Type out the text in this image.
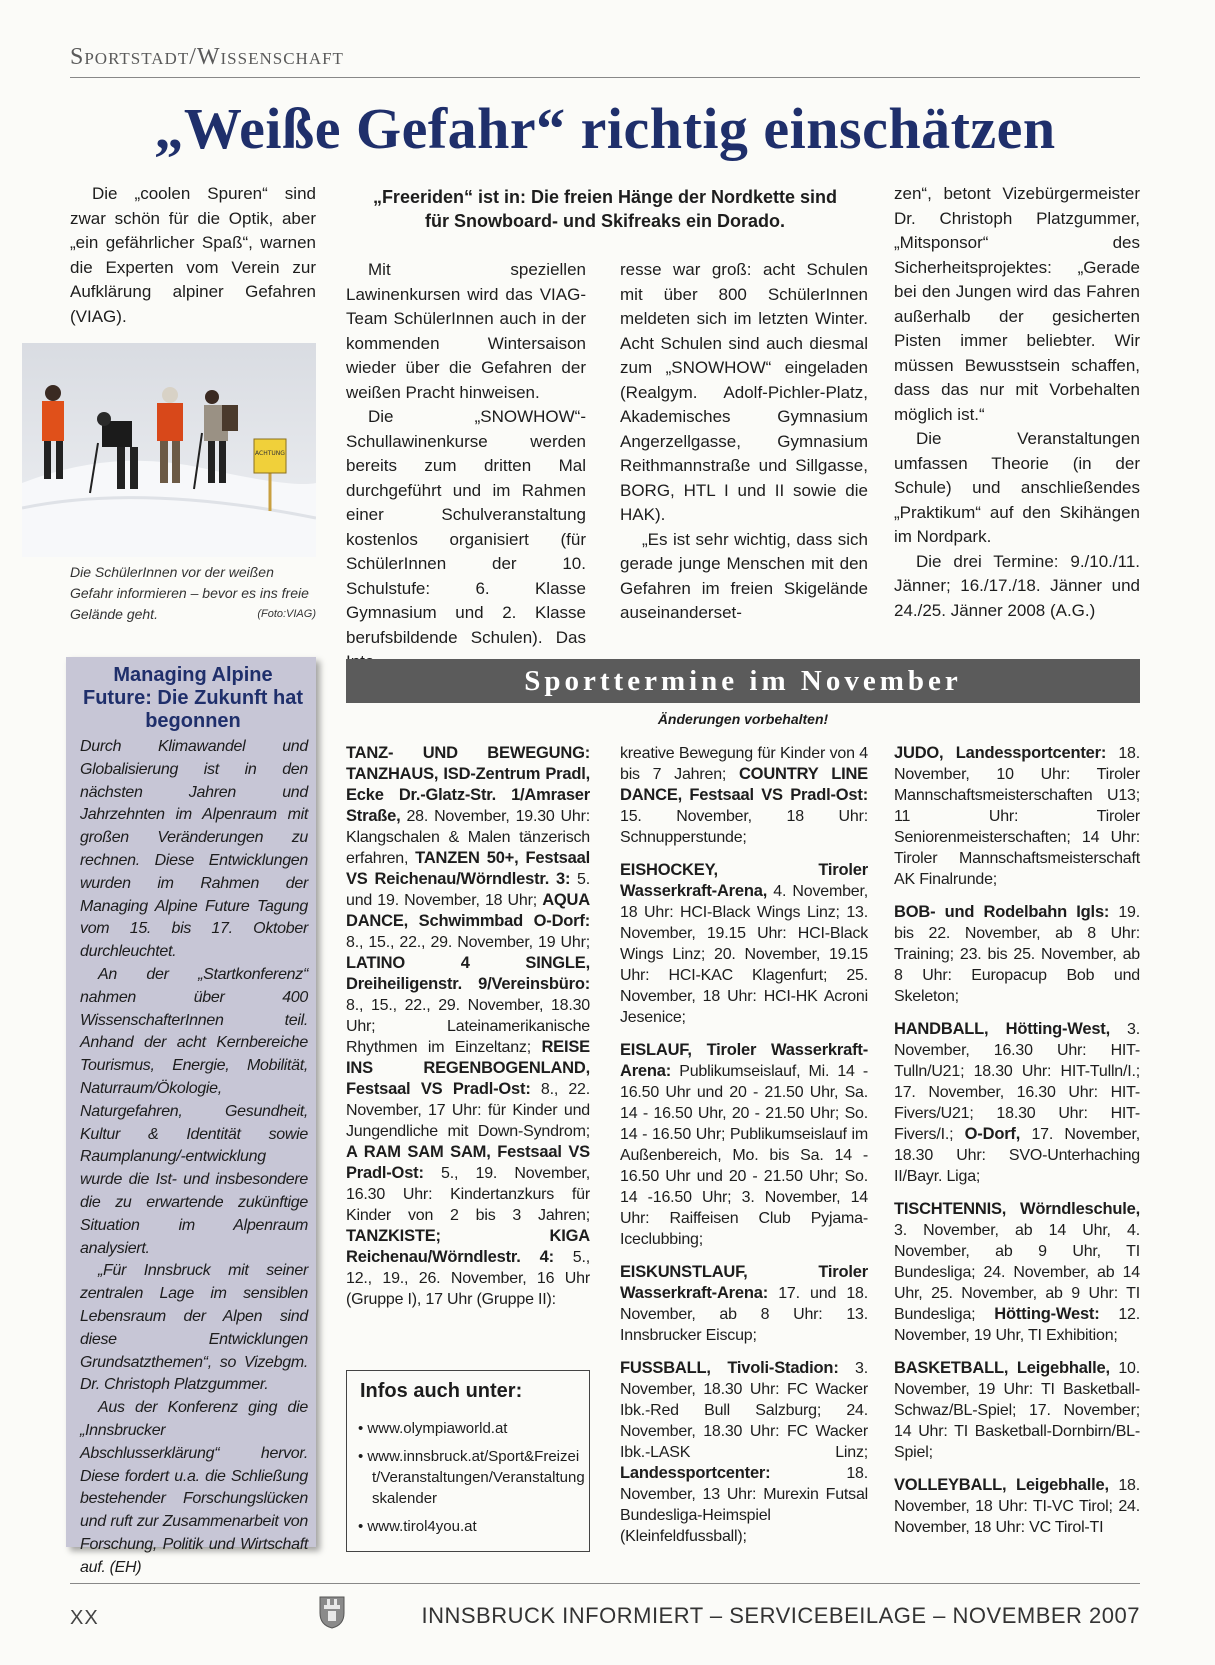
Sportstadt/Wissenschaft
„Weiße Gefahr“ richtig einschätzen

Die „coolen Spuren“ sind zwar schön für die Optik, aber „ein gefährlicher Spaß“, warnen die Experten vom Verein zur Aufklärung alpiner Gefahren (VIAG).

„Freeriden“ ist in: Die freien Hänge der Nordkette sind für Snowboard- und Skifreaks ein Dorado.

Mit speziellen Lawinenkursen wird das VIAG-Team SchülerInnen auch in der kommenden Wintersaison wieder über die Gefahren der weißen Pracht hinweisen.

Die „SNOWHOW“-Schullawinenkurse werden bereits zum dritten Mal durchgeführt und im Rahmen einer Schulveranstaltung kostenlos organisiert (für SchülerInnen der 10. Schulstufe: 6. Klasse Gymnasium und 2. Klasse berufsbildende Schulen). Das

resse war groß: acht Schulen mit über 800 SchülerInnen meldeten sich im letzten Winter. Acht Schulen sind auch diesmal zum „SNOWHOW“ eingeladen (Realgym. Adolf-Pichler-Platz, Akademisches Gymnasium Angerzellgasse, Gymnasium Reithmannstraße und Sillgasse, BORG, HTL I und II sowie die HAK).

„Es ist sehr wichtig, dass sich gerade junge Menschen mit den Gefahren im freien Skigelände auseinanderset-

zen“, betont Vizebürgermeister Dr. Christoph Platzgummer, „Mitsponsor“ des Sicherheitsprojektes: „Gerade bei den Jungen wird das Fahren außerhalb der gesicherten Pisten immer beliebter. Wir müssen Bewusstsein schaffen, dass das nur mit Vorbehalten möglich ist.“

Die Veranstaltungen umfassen Theorie (in der Schule) und anschließendes „Praktikum“ auf den Skihängen im Nordpark.

Die drei Termine: 9./10./11. Jänner; 16./17./18. Jänner und 24./25. Jänner 2008 (A.G.)

ACHTUNG
Die SchülerInnen vor der weißen Gefahr informieren – bevor es ins freie Gelände geht.	(Foto:VIAG)
Managing Alpine Future: Die Zukunft hat begonnen

Durch Klimawandel und Globalisierung ist in den nächsten Jahren und Jahrzehnten im Alpenraum mit großen Veränderungen zu rechnen. Diese Entwicklungen wurden im Rahmen der Managing Alpine Future Tagung vom 15. bis 17. Oktober durchleuchtet.

An der „Startkonferenz“ nahmen über 400 WissenschafterInnen teil. Anhand der acht Kernbereiche Tourismus, Energie, Mobilität, Naturraum/Ökologie, Naturgefahren, Gesundheit, Kultur & Identität sowie Raumplanung/-entwicklung wurde die Ist- und insbesondere die zu erwartende zukünftige Situation im Alpenraum analysiert.

„Für Innsbruck mit seiner zentralen Lage im sensiblen Lebensraum der Alpen sind diese Entwicklungen Grundsatzthemen“, so Vizebgm. Dr. Christoph Platzgummer.

Aus der Konferenz ging die „Innsbrucker Abschlusserklärung“ hervor. Diese fordert u.a. die Schließung bestehender Forschungslücken und ruft zur Zusammenarbeit von Forschung, Politik und Wirtschaft auf. (EH)

Sporttermine im November
Änderungen vorbehalten!

TANZ- UND BEWEGUNG: TANZHAUS, ISD-Zentrum Pradl, Ecke Dr.-Glatz-Str. 1/Amraser Straße, 28. November, 19.30 Uhr: Klangschalen & Malen tänzerisch erfahren, TANZEN 50+, Festsaal VS Reichenau/Wörndlestr. 3: 5. und 19. November, 18 Uhr; AQUA DANCE, Schwimmbad O-Dorf: 8., 15., 22., 29. November, 19 Uhr; LATINO 4 SINGLE, Dreiheiligenstr. 9/Vereinsbüro: 8., 15., 22., 29. November, 18.30 Uhr; Lateinamerikanische Rhythmen im Einzeltanz; REISE INS REGENBOGENLAND, Festsaal VS Pradl-Ost: 8., 22. November, 17 Uhr: für Kinder und Jungendliche mit Down-Syndrom; A RAM SAM SAM, Festsaal VS Pradl-Ost: 5., 19. November, 16.30 Uhr: Kindertanzkurs für Kinder von 2 bis 3 Jahren; TANZKISTE; KIGA Reichenau/Wörndlestr. 4: 5., 12., 19., 26. November, 16 Uhr (Gruppe I), 17 Uhr (Gruppe II):

kreative Bewegung für Kinder von 4 bis 7 Jahren; COUNTRY LINE DANCE, Festsaal VS Pradl-Ost: 15. November, 18 Uhr: Schnupperstunde;

EISHOCKEY, Tiroler Wasserkraft-Arena, 4. November, 18 Uhr: HCI-Black Wings Linz; 13. November, 19.15 Uhr: HCI-Black Wings Linz; 20. November, 19.15 Uhr: HCI-KAC Klagenfurt; 25. November, 18 Uhr: HCI-HK Acroni Jesenice;

EISLAUF, Tiroler Wasserkraft-Arena: Publikumseislauf, Mi. 14 - 16.50 Uhr und 20 - 21.50 Uhr, Sa. 14 - 16.50 Uhr, 20 - 21.50 Uhr; So. 14 - 16.50 Uhr; Publikumseislauf im Außenbereich, Mo. bis Sa. 14 - 16.50 Uhr und 20 - 21.50 Uhr; So. 14 -16.50 Uhr; 3. November, 14 Uhr: Raiffeisen Club Pyjama-Iceclubbing;

EISKUNSTLAUF, Tiroler Wasserkraft-Arena: 17. und 18. November, ab 8 Uhr: 13. Innsbrucker Eiscup;

FUSSBALL, Tivoli-Stadion: 3. November, 18.30 Uhr: FC Wacker Ibk.-Red Bull Salzburg; 24. November, 18.30 Uhr: FC Wacker Ibk.-LASK Linz; Landessportcenter: 18. November, 13 Uhr: Murexin Futsal Bundesliga-Heimspiel (Kleinfeldfussball);

JUDO, Landessportcenter: 18. November, 10 Uhr: Tiroler Mannschaftsmeisterschaften U13; 11 Uhr: Tiroler Seniorenmeisterschaften; 14 Uhr: Tiroler Mannschaftsmeisterschaft AK Finalrunde;

BOB- und Rodelbahn Igls: 19. bis 22. November, ab 8 Uhr: Training; 23. bis 25. November, ab 8 Uhr: Europacup Bob und Skeleton;

HANDBALL, Hötting-West, 3. November, 16.30 Uhr: HIT-Tulln/U21; 18.30 Uhr: HIT-Tulln/I.; 17. November, 16.30 Uhr: HIT-Fivers/U21; 18.30 Uhr: HIT-Fivers/I.; O-Dorf, 17. November, 18.30 Uhr: SVO-Unterhaching II/Bayr. Liga;

TISCHTENNIS, Wörndleschule, 3. November, ab 14 Uhr, 4. November, ab 9 Uhr, TI Bundesliga; 24. November, ab 14 Uhr, 25. November, ab 9 Uhr: TI Bundesliga; Hötting-West: 12. November, 19 Uhr, TI Exhibition;

BASKETBALL, Leigebhalle, 10. November, 19 Uhr: TI Basketball-Schwaz/BL-Spiel; 17. November; 14 Uhr: TI Basketball-Dornbirn/BL-Spiel;

VOLLEYBALL, Leigebhalle, 18. November, 18 Uhr: TI-VC Tirol; 24. November, 18 Uhr: VC Tirol-TI

Infos auch unter:
• www.olympiaworld.at
• www.innsbruck.at/Sport&Freizeit/Veranstaltungen/Veranstaltungskalender
• www.tirol4you.at
XX	INNSBRUCK INFORMIERT – SERVICEBEILAGE – NOVEMBER 2007
